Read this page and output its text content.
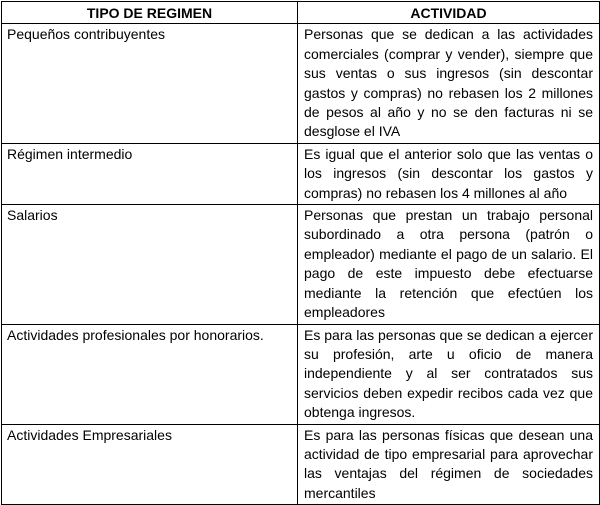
TIPO DE REGIMEN	ACTIVIDAD
Pequeños contribuyentes	Personas que se dedican a las actividades comerciales (comprar y vender), siempre que sus ventas o sus ingresos (sin descontar gastos y compras) no rebasen los 2 millones de pesos al año y no se den facturas ni se desglose el IVA
Régimen intermedio	Es igual que el anterior solo que las ventas o los ingresos (sin descontar los gastos y compras) no rebasen los 4 millones al año
Salarios	Personas que prestan un trabajo personal subordinado a otra persona (patrón o empleador) mediante el pago de un salario. El pago de este impuesto debe efectuarse mediante la retención que efectúen los empleadores
Actividades profesionales por honorarios.	Es para las personas que se dedican a ejercer su profesión, arte u oficio de manera independiente y al ser contratados sus servicios deben expedir recibos cada vez que obtenga ingresos.
Actividades Empresariales	Es para las personas físicas que desean una actividad de tipo empresarial para aprovechar las ventajas del régimen de sociedades mercantiles
